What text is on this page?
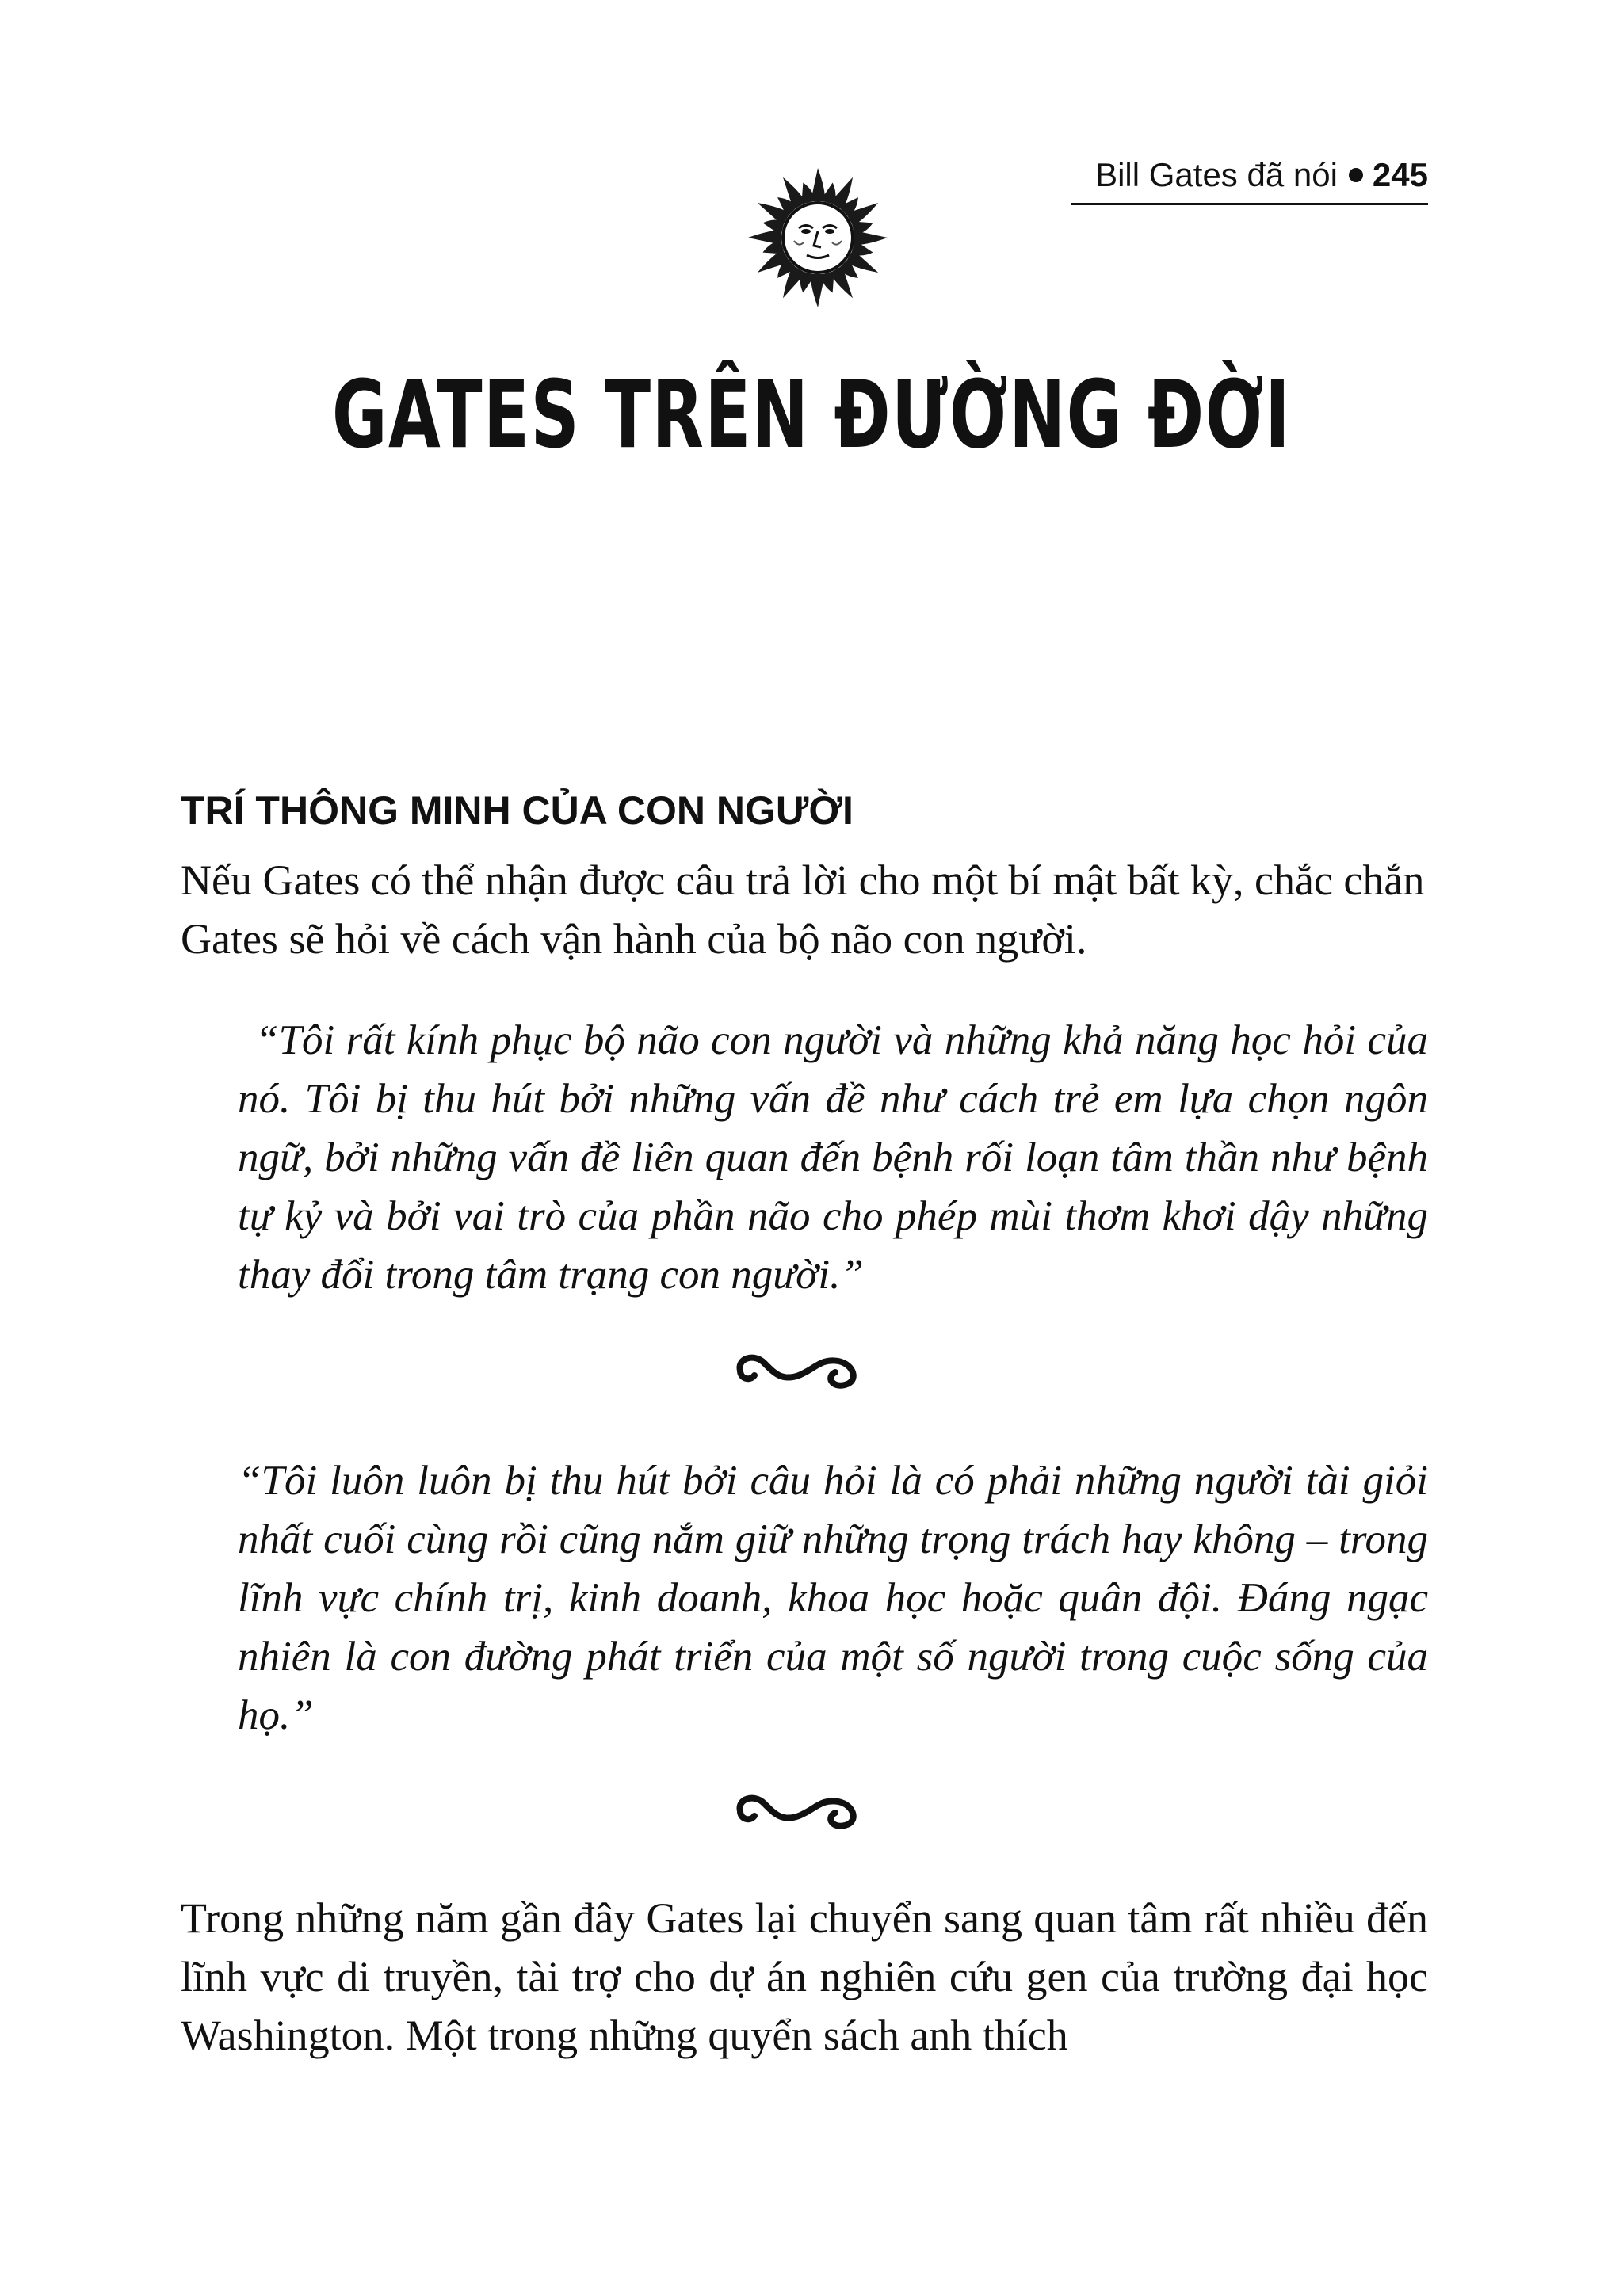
Bill Gates đã nói 245
GATES TRÊN ĐƯỜNG ĐỜI
TRÍ THÔNG MINH CỦA CON NGƯỜI

Nếu Gates có thể nhận được câu trả lời cho một bí mật bất kỳ, chắc chắn Gates sẽ hỏi về cách vận hành của bộ não con người.

“Tôi rất kính phục bộ não con người và những khả năng học hỏi của nó. Tôi bị thu hút bởi những vấn đề như cách trẻ em lựa chọn ngôn ngữ, bởi những vấn đề liên quan đến bệnh rối loạn tâm thần như bệnh tự kỷ và bởi vai trò của phần não cho phép mùi thơm khơi dậy những thay đổi trong tâm trạng con người.”

“Tôi luôn luôn bị thu hút bởi câu hỏi là có phải những người tài giỏi nhất cuối cùng rồi cũng nắm giữ những trọng trách hay không – trong lĩnh vực chính trị, kinh doanh, khoa học hoặc quân đội. Đáng ngạc nhiên là con đường phát triển của một số người trong cuộc sống của họ.”

Trong những năm gần đây Gates lại chuyển sang quan tâm rất nhiều đến lĩnh vực di truyền, tài trợ cho dự án nghiên cứu gen của trường đại học Washington. Một trong những quyển sách anh thích
